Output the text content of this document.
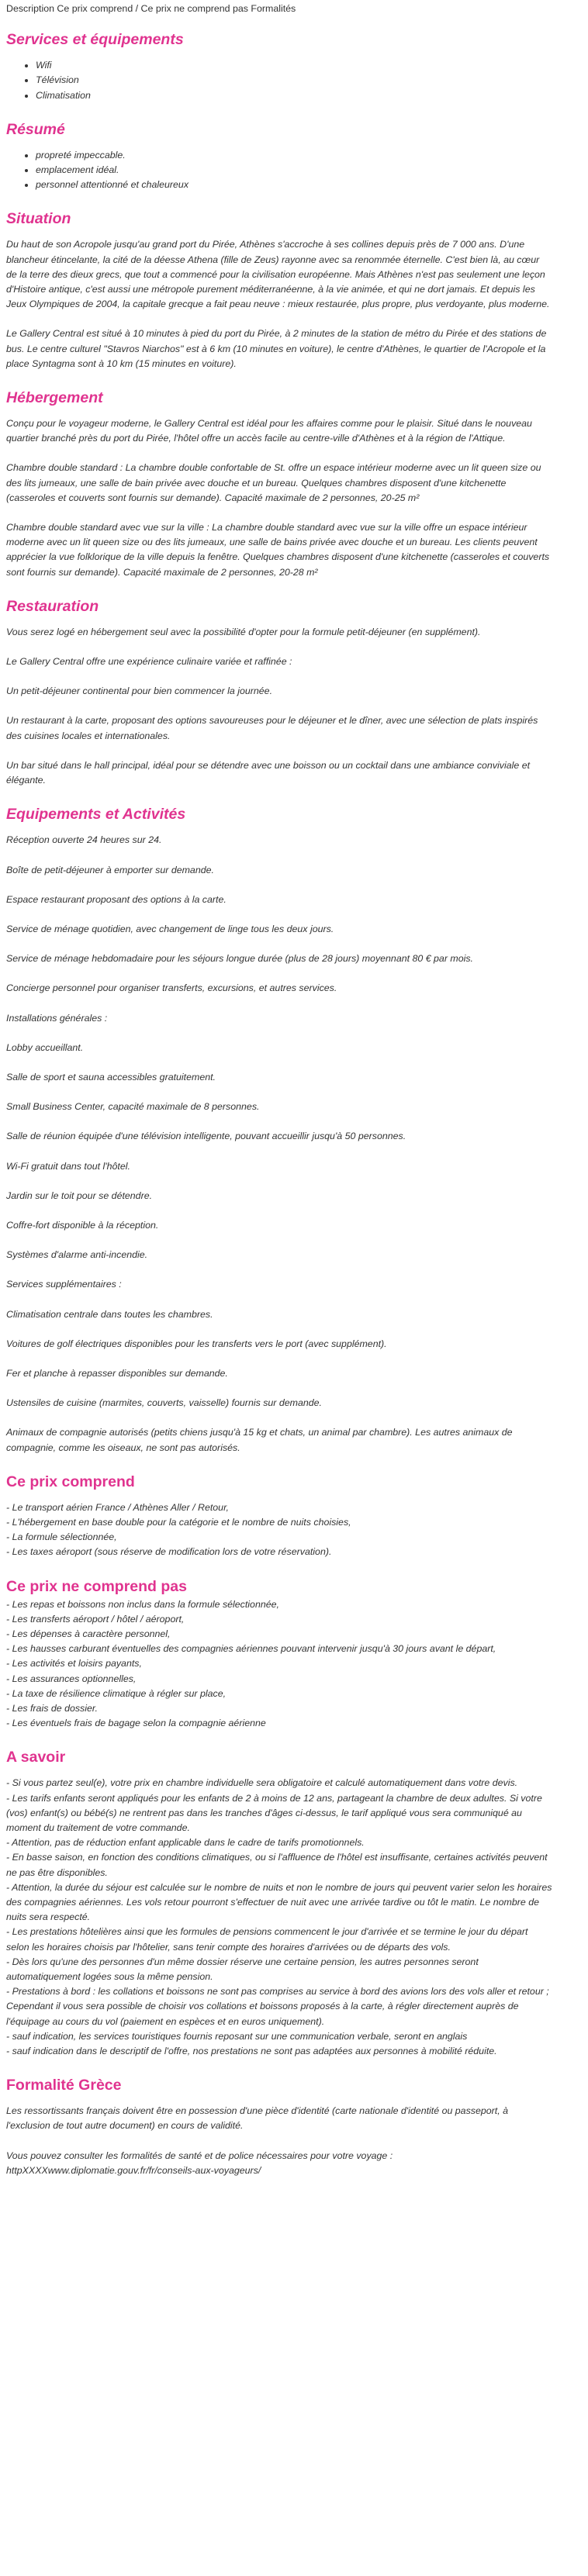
Description Ce prix comprend / Ce prix ne comprend pas Formalités
Services et équipements
• Wifi
• Télévision
• Climatisation
Résumé
• propreté impeccable.
• emplacement idéal.
• personnel attentionné et chaleureux
Situation

Du haut de son Acropole jusqu'au grand port du Pirée, Athènes s'accroche à ses collines depuis près de 7 000 ans. D'une blancheur étincelante, la cité de la déesse Athena (fille de Zeus) rayonne avec sa renommée éternelle. C'est bien là, au cœur de la terre des dieux grecs, que tout a commencé pour la civilisation européenne. Mais Athènes n'est pas seulement une leçon d'Histoire antique, c'est aussi une métropole purement méditerranéenne, à la vie animée, et qui ne dort jamais. Et depuis les Jeux Olympiques de 2004, la capitale grecque a fait peau neuve : mieux restaurée, plus propre, plus verdoyante, plus moderne.

Le Gallery Central est situé à 10 minutes à pied du port du Pirée, à 2 minutes de la station de métro du Pirée et des stations de bus. Le centre culturel "Stavros Niarchos" est à 6 km (10 minutes en voiture), le centre d'Athènes, le quartier de l'Acropole et la place Syntagma sont à 10 km (15 minutes en voiture).

Hébergement

Conçu pour le voyageur moderne, le Gallery Central est idéal pour les affaires comme pour le plaisir. Situé dans le nouveau quartier branché près du port du Pirée, l'hôtel offre un accès facile au centre-ville d'Athènes et à la région de l'Attique.

Chambre double standard : La chambre double confortable de St. offre un espace intérieur moderne avec un lit queen size ou des lits jumeaux, une salle de bain privée avec douche et un bureau. Quelques chambres disposent d'une kitchenette (casseroles et couverts sont fournis sur demande). Capacité maximale de 2 personnes, 20-25 m²

Chambre double standard avec vue sur la ville : La chambre double standard avec vue sur la ville offre un espace intérieur moderne avec un lit queen size ou des lits jumeaux, une salle de bains privée avec douche et un bureau. Les clients peuvent apprécier la vue folklorique de la ville depuis la fenêtre. Quelques chambres disposent d'une kitchenette (casseroles et couverts sont fournis sur demande). Capacité maximale de 2 personnes, 20-28 m²

Restauration

Vous serez logé en hébergement seul avec la possibilité d'opter pour la formule petit-déjeuner (en supplément).

Le Gallery Central offre une expérience culinaire variée et raffinée :

Un petit-déjeuner continental pour bien commencer la journée.

Un restaurant à la carte, proposant des options savoureuses pour le déjeuner et le dîner, avec une sélection de plats inspirés des cuisines locales et internationales.

Un bar situé dans le hall principal, idéal pour se détendre avec une boisson ou un cocktail dans une ambiance conviviale et élégante.

Equipements et Activités

Réception ouverte 24 heures sur 24.

Boîte de petit-déjeuner à emporter sur demande.

Espace restaurant proposant des options à la carte.

Service de ménage quotidien, avec changement de linge tous les deux jours.

Service de ménage hebdomadaire pour les séjours longue durée (plus de 28 jours) moyennant 80 € par mois.

Concierge personnel pour organiser transferts, excursions, et autres services.

Installations générales :

Lobby accueillant.

Salle de sport et sauna accessibles gratuitement.

Small Business Center, capacité maximale de 8 personnes.

Salle de réunion équipée d'une télévision intelligente, pouvant accueillir jusqu'à 50 personnes.

Wi-Fi gratuit dans tout l'hôtel.

Jardin sur le toit pour se détendre.

Coffre-fort disponible à la réception.

Systèmes d'alarme anti-incendie.

Services supplémentaires :

Climatisation centrale dans toutes les chambres.

Voitures de golf électriques disponibles pour les transferts vers le port (avec supplément).

Fer et planche à repasser disponibles sur demande.

Ustensiles de cuisine (marmites, couverts, vaisselle) fournis sur demande.

Animaux de compagnie autorisés (petits chiens jusqu'à 15 kg et chats, un animal par chambre). Les autres animaux de compagnie, comme les oiseaux, ne sont pas autorisés.

Ce prix comprend
- Le transport aérien France / Athènes Aller / Retour,
- L'hébergement en base double pour la catégorie et le nombre de nuits choisies,
- La formule sélectionnée,
- Les taxes aéroport (sous réserve de modification lors de votre réservation).
Ce prix ne comprend pas
- Les repas et boissons non inclus dans la formule sélectionnée,
- Les transferts aéroport / hôtel / aéroport,
- Les dépenses à caractère personnel,
- Les hausses carburant éventuelles des compagnies aériennes pouvant intervenir jusqu'à 30 jours avant le départ,
- Les activités et loisirs payants,
- Les assurances optionnelles,
- La taxe de résilience climatique à régler sur place,
- Les frais de dossier.
- Les éventuels frais de bagage selon la compagnie aérienne
A savoir
- Si vous partez seul(e), votre prix en chambre individuelle sera obligatoire et calculé automatiquement dans votre devis.
- Les tarifs enfants seront appliqués pour les enfants de 2 à moins de 12 ans, partageant la chambre de deux adultes. Si votre (vos) enfant(s) ou bébé(s) ne rentrent pas dans les tranches d'âges ci-dessus, le tarif appliqué vous sera communiqué au moment du traitement de votre commande.
- Attention, pas de réduction enfant applicable dans le cadre de tarifs promotionnels.
- En basse saison, en fonction des conditions climatiques, ou si l'affluence de l'hôtel est insuffisante, certaines activités peuvent ne pas être disponibles.
- Attention, la durée du séjour est calculée sur le nombre de nuits et non le nombre de jours qui peuvent varier selon les horaires des compagnies aériennes. Les vols retour pourront s'effectuer de nuit avec une arrivée tardive ou tôt le matin. Le nombre de nuits sera respecté.
- Les prestations hôtelières ainsi que les formules de pensions commencent le jour d'arrivée et se termine le jour du départ selon les horaires choisis par l'hôtelier, sans tenir compte des horaires d'arrivées ou de départs des vols.
- Dès lors qu'une des personnes d'un même dossier réserve une certaine pension, les autres personnes seront automatiquement logées sous la même pension.
- Prestations à bord : les collations et boissons ne sont pas comprises au service à bord des avions lors des vols aller et retour ; Cependant il vous sera possible de choisir vos collations et boissons proposés à la carte, à régler directement auprès de l'équipage au cours du vol (paiement en espèces et en euros uniquement).
- sauf indication, les services touristiques fournis reposant sur une communication verbale, seront en anglais
- sauf indication dans le descriptif de l'offre, nos prestations ne sont pas adaptées aux personnes à mobilité réduite.
Formalité Grèce

Les ressortissants français doivent être en possession d'une pièce d'identité (carte nationale d'identité ou passeport, à l'exclusion de tout autre document) en cours de validité.

Vous pouvez consulter les formalités de santé et de police nécessaires pour votre voyage : httpXXXXwww.diplomatie.gouv.fr/fr/conseils-aux-voyageurs/
